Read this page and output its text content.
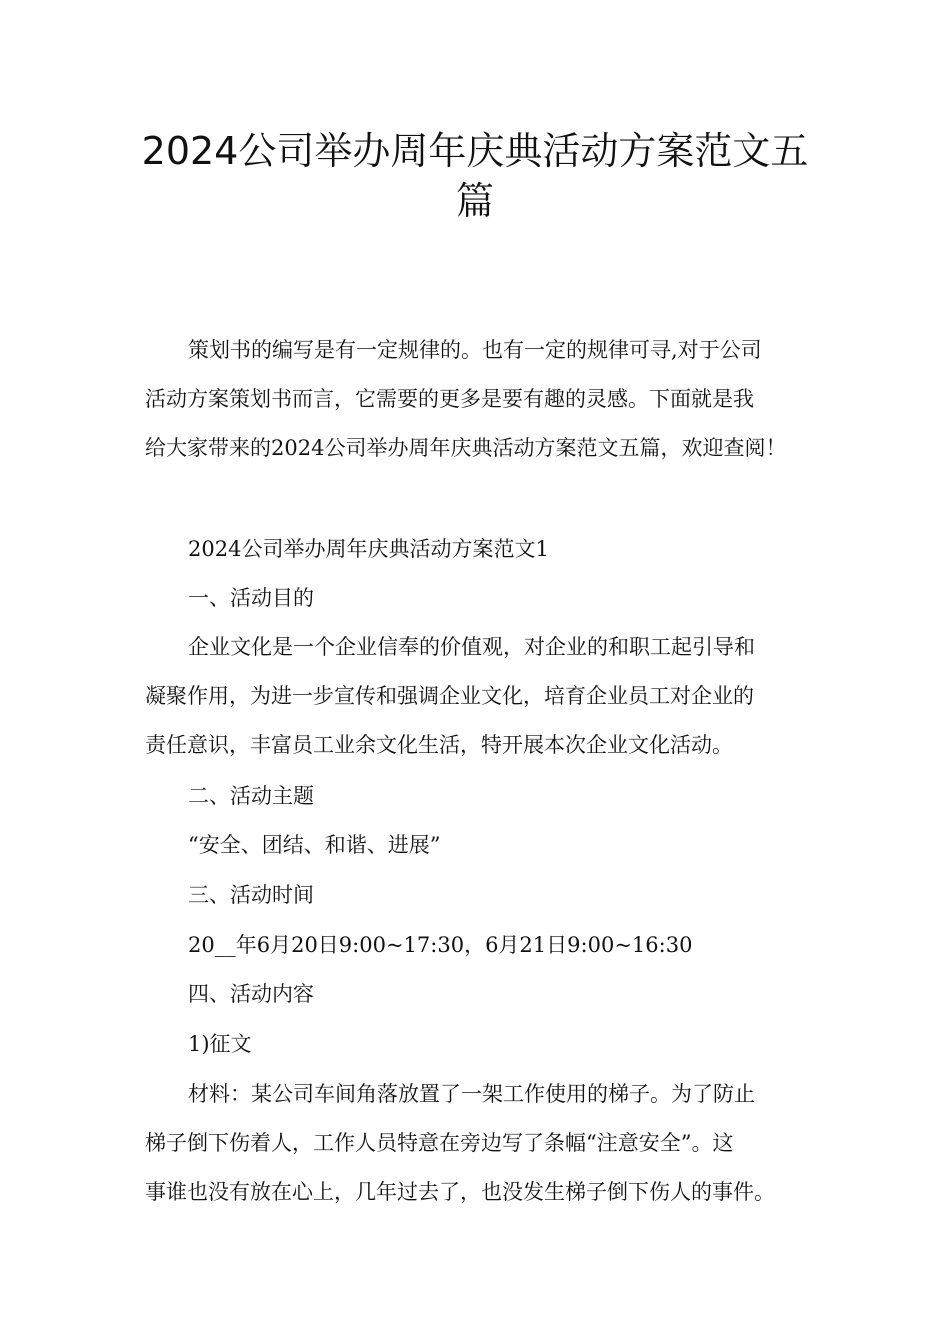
2024公司举办周年庆典活动方案范文五
篇
策划书的编写是有一定规律的。也有一定的规律可寻,对于公司
活动方案策划书而言，它需要的更多是要有趣的灵感。下面就是我
给大家带来的2024公司举办周年庆典活动方案范文五篇，欢迎查阅！
2024公司举办周年庆典活动方案范文1
一、活动目的
企业文化是一个企业信奉的价值观，对企业的和职工起引导和
凝聚作用，为进一步宣传和强调企业文化，培育企业员工对企业的
责任意识，丰富员工业余文化生活，特开展本次企业文化活动。
二、活动主题
“安全、团结、和谐、进展”
三、活动时间
20__年6月20日9:00~17:30，6月21日9:00~16:30
四、活动内容
1)征文
材料：某公司车间角落放置了一架工作使用的梯子。为了防止
梯子倒下伤着人，工作人员特意在旁边写了条幅“注意安全”。这
事谁也没有放在心上，几年过去了，也没发生梯子倒下伤人的事件。
